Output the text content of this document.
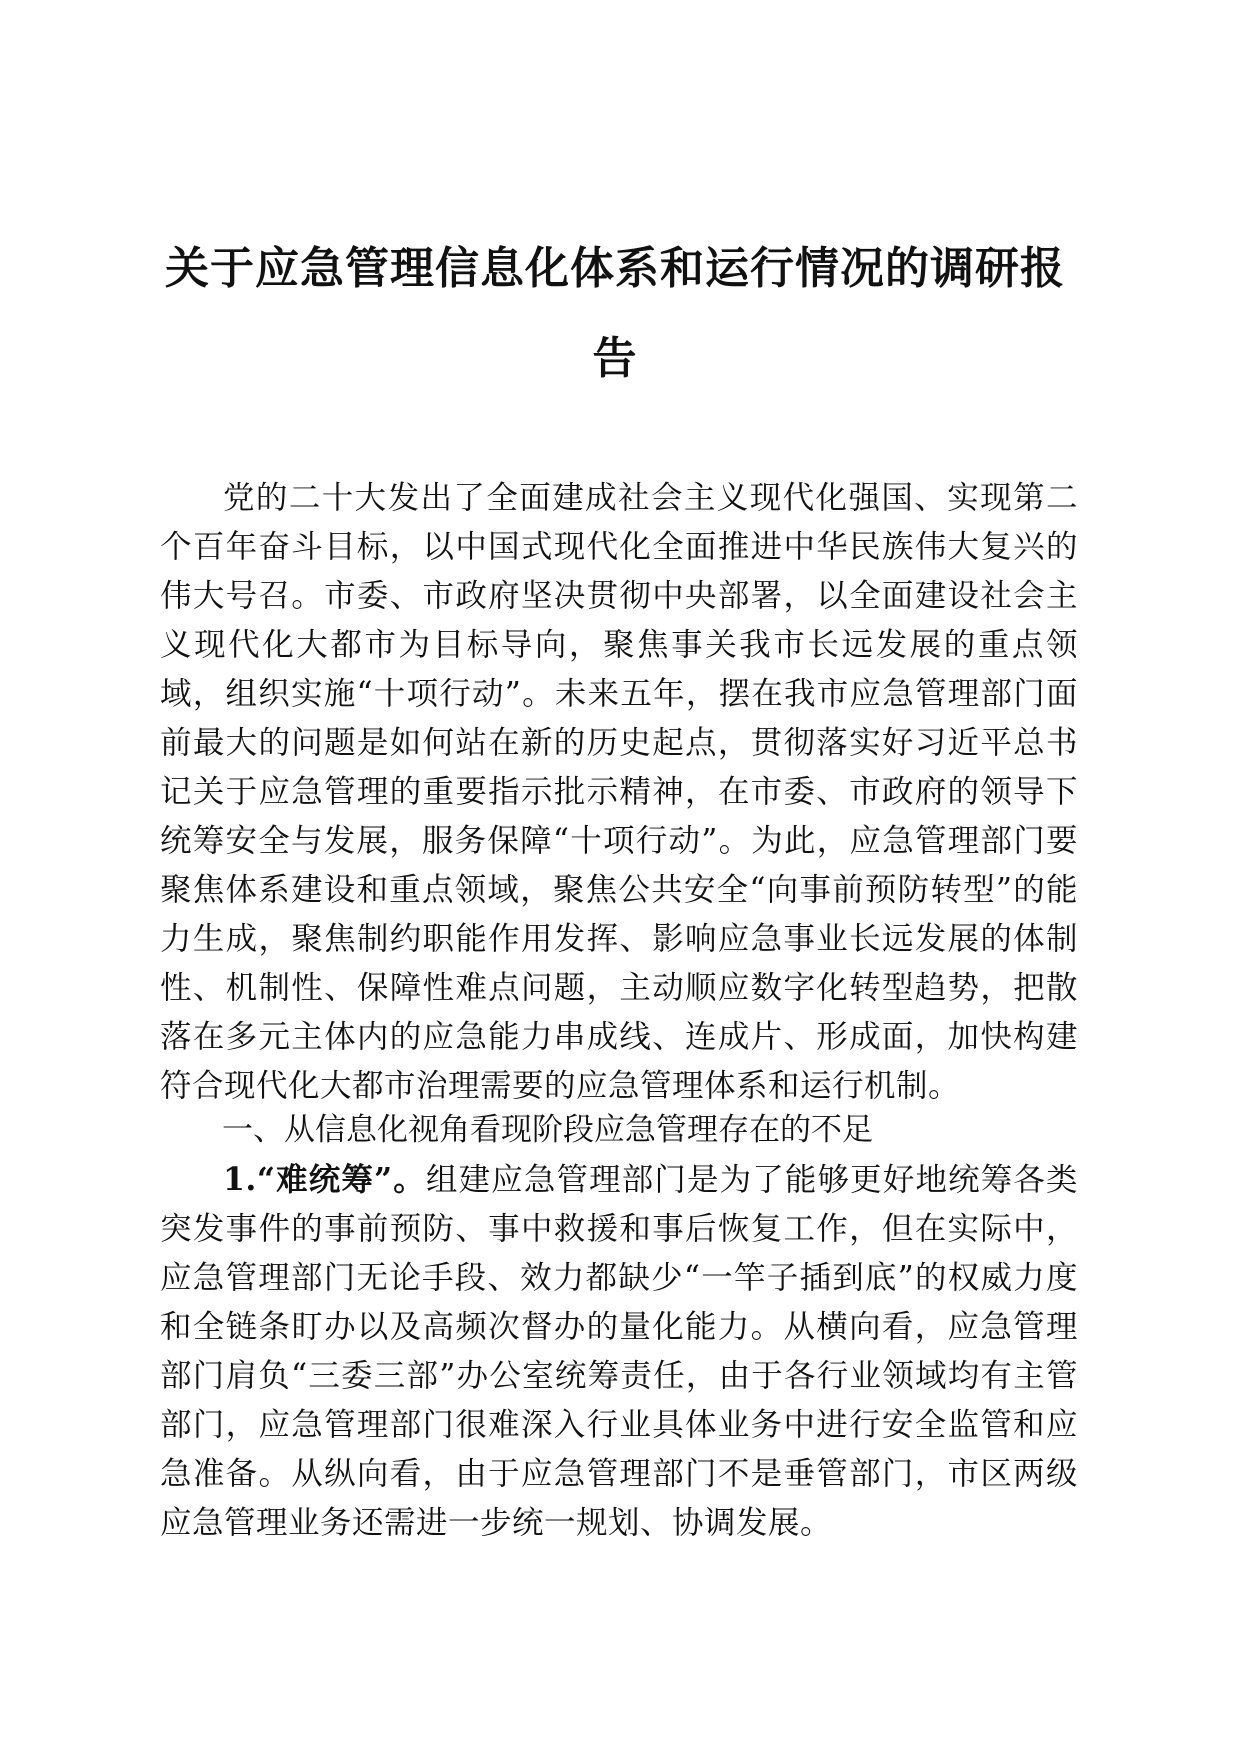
关于应急管理信息化体系和运行情况的调研报告

党的二十大发出了全面建成社会主义现代化强国、实现第二个百年奋斗目标，以中国式现代化全面推进中华民族伟大复兴的伟大号召。市委、市政府坚决贯彻中央部署，以全面建设社会主义现代化大都市为目标导向，聚焦事关我市长远发展的重点领域，组织实施“十项行动”。未来五年，摆在我市应急管理部门面前最大的问题是如何站在新的历史起点，贯彻落实好习近平总书记关于应急管理的重要指示批示精神，在市委、市政府的领导下统筹安全与发展，服务保障“十项行动”。为此，应急管理部门要聚焦体系建设和重点领域，聚焦公共安全“向事前预防转型”的能力生成，聚焦制约职能作用发挥、影响应急事业长远发展的体制性、机制性、保障性难点问题，主动顺应数字化转型趋势，把散落在多元主体内的应急能力串成线、连成片、形成面，加快构建符合现代化大都市治理需要的应急管理体系和运行机制。

一、从信息化视角看现阶段应急管理存在的不足

1.“难统筹”。组建应急管理部门是为了能够更好地统筹各类突发事件的事前预防、事中救援和事后恢复工作，但在实际中，应急管理部门无论手段、效力都缺少“一竿子插到底”的权威力度和全链条盯办以及高频次督办的量化能力。从横向看，应急管理部门肩负“三委三部”办公室统筹责任，由于各行业领域均有主管部门，应急管理部门很难深入行业具体业务中进行安全监管和应急准备。从纵向看，由于应急管理部门不是垂管部门，市区两级应急管理业务还需进一步统一规划、协调发展。
